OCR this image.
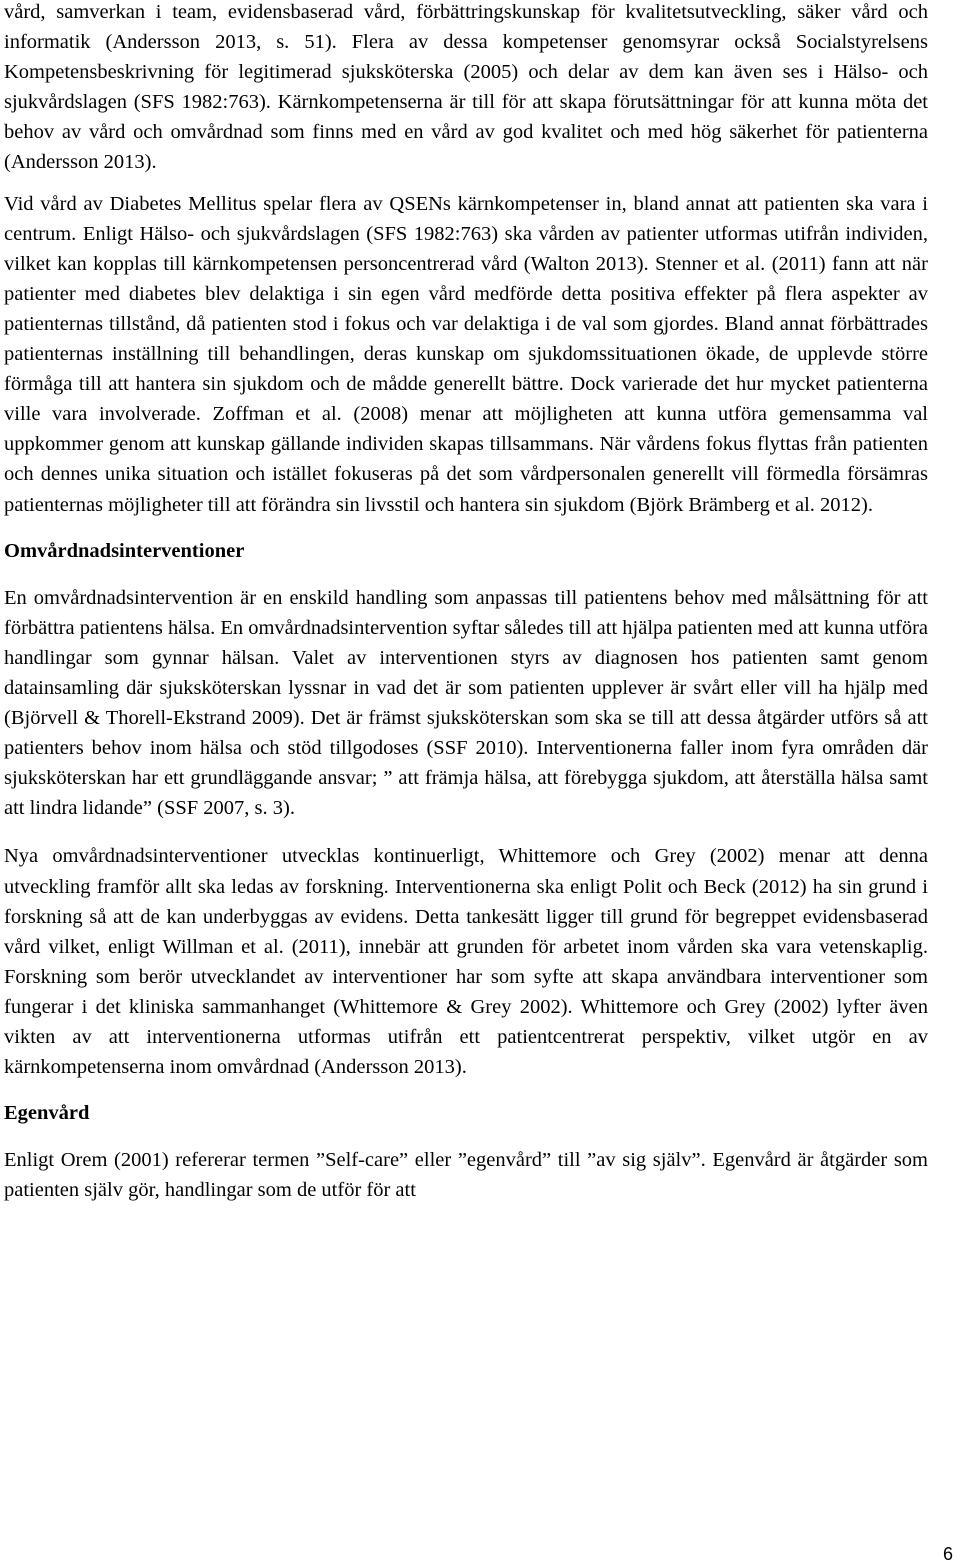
vård, samverkan i team, evidensbaserad vård, förbättringskunskap för kvalitetsutveckling, säker vård och informatik (Andersson 2013, s. 51). Flera av dessa kompetenser genomsyrar också Socialstyrelsens Kompetensbeskrivning för legitimerad sjuksköterska (2005) och delar av dem kan även ses i Hälso- och sjukvårdslagen (SFS 1982:763). Kärnkompetenserna är till för att skapa förutsättningar för att kunna möta det behov av vård och omvårdnad som finns med en vård av god kvalitet och med hög säkerhet för patienterna (Andersson 2013).

Vid vård av Diabetes Mellitus spelar flera av QSENs kärnkompetenser in, bland annat att patienten ska vara i centrum. Enligt Hälso- och sjukvårdslagen (SFS 1982:763) ska vården av patienter utformas utifrån individen, vilket kan kopplas till kärnkompetensen personcentrerad vård (Walton 2013). Stenner et al. (2011) fann att när patienter med diabetes blev delaktiga i sin egen vård medförde detta positiva effekter på flera aspekter av patienternas tillstånd, då patienten stod i fokus och var delaktiga i de val som gjordes. Bland annat förbättrades patienternas inställning till behandlingen, deras kunskap om sjukdomssituationen ökade, de upplevde större förmåga till att hantera sin sjukdom och de mådde generellt bättre. Dock varierade det hur mycket patienterna ville vara involverade. Zoffman et al. (2008) menar att möjligheten att kunna utföra gemensamma val uppkommer genom att kunskap gällande individen skapas tillsammans. När vårdens fokus flyttas från patienten och dennes unika situation och istället fokuseras på det som vårdpersonalen generellt vill förmedla försämras patienternas möjligheter till att förändra sin livsstil och hantera sin sjukdom (Björk Brämberg et al. 2012).

Omvårdnadsinterventioner

En omvårdnadsintervention är en enskild handling som anpassas till patientens behov med målsättning för att förbättra patientens hälsa. En omvårdnadsintervention syftar således till att hjälpa patienten med att kunna utföra handlingar som gynnar hälsan. Valet av interventionen styrs av diagnosen hos patienten samt genom datainsamling där sjuksköterskan lyssnar in vad det är som patienten upplever är svårt eller vill ha hjälp med (Björvell & Thorell-Ekstrand 2009). Det är främst sjuksköterskan som ska se till att dessa åtgärder utförs så att patienters behov inom hälsa och stöd tillgodoses (SSF 2010). Interventionerna faller inom fyra områden där sjuksköterskan har ett grundläggande ansvar; ” att främja hälsa, att förebygga sjukdom, att återställa hälsa samt att lindra lidande” (SSF 2007, s. 3).

Nya omvårdnadsinterventioner utvecklas kontinuerligt, Whittemore och Grey (2002) menar att denna utveckling framför allt ska ledas av forskning. Interventionerna ska enligt Polit och Beck (2012) ha sin grund i forskning så att de kan underbyggas av evidens. Detta tankesätt ligger till grund för begreppet evidensbaserad vård vilket, enligt Willman et al. (2011), innebär att grunden för arbetet inom vården ska vara vetenskaplig. Forskning som berör utvecklandet av interventioner har som syfte att skapa användbara interventioner som fungerar i det kliniska sammanhanget (Whittemore & Grey 2002). Whittemore och Grey (2002) lyfter även vikten av att interventionerna utformas utifrån ett patientcentrerat perspektiv, vilket utgör en av kärnkompetenserna inom omvårdnad (Andersson 2013).

Egenvård

Enligt Orem (2001) refererar termen ”Self-care” eller ”egenvård” till ”av sig själv”. Egenvård är åtgärder som patienten själv gör, handlingar som de utför för att

6
